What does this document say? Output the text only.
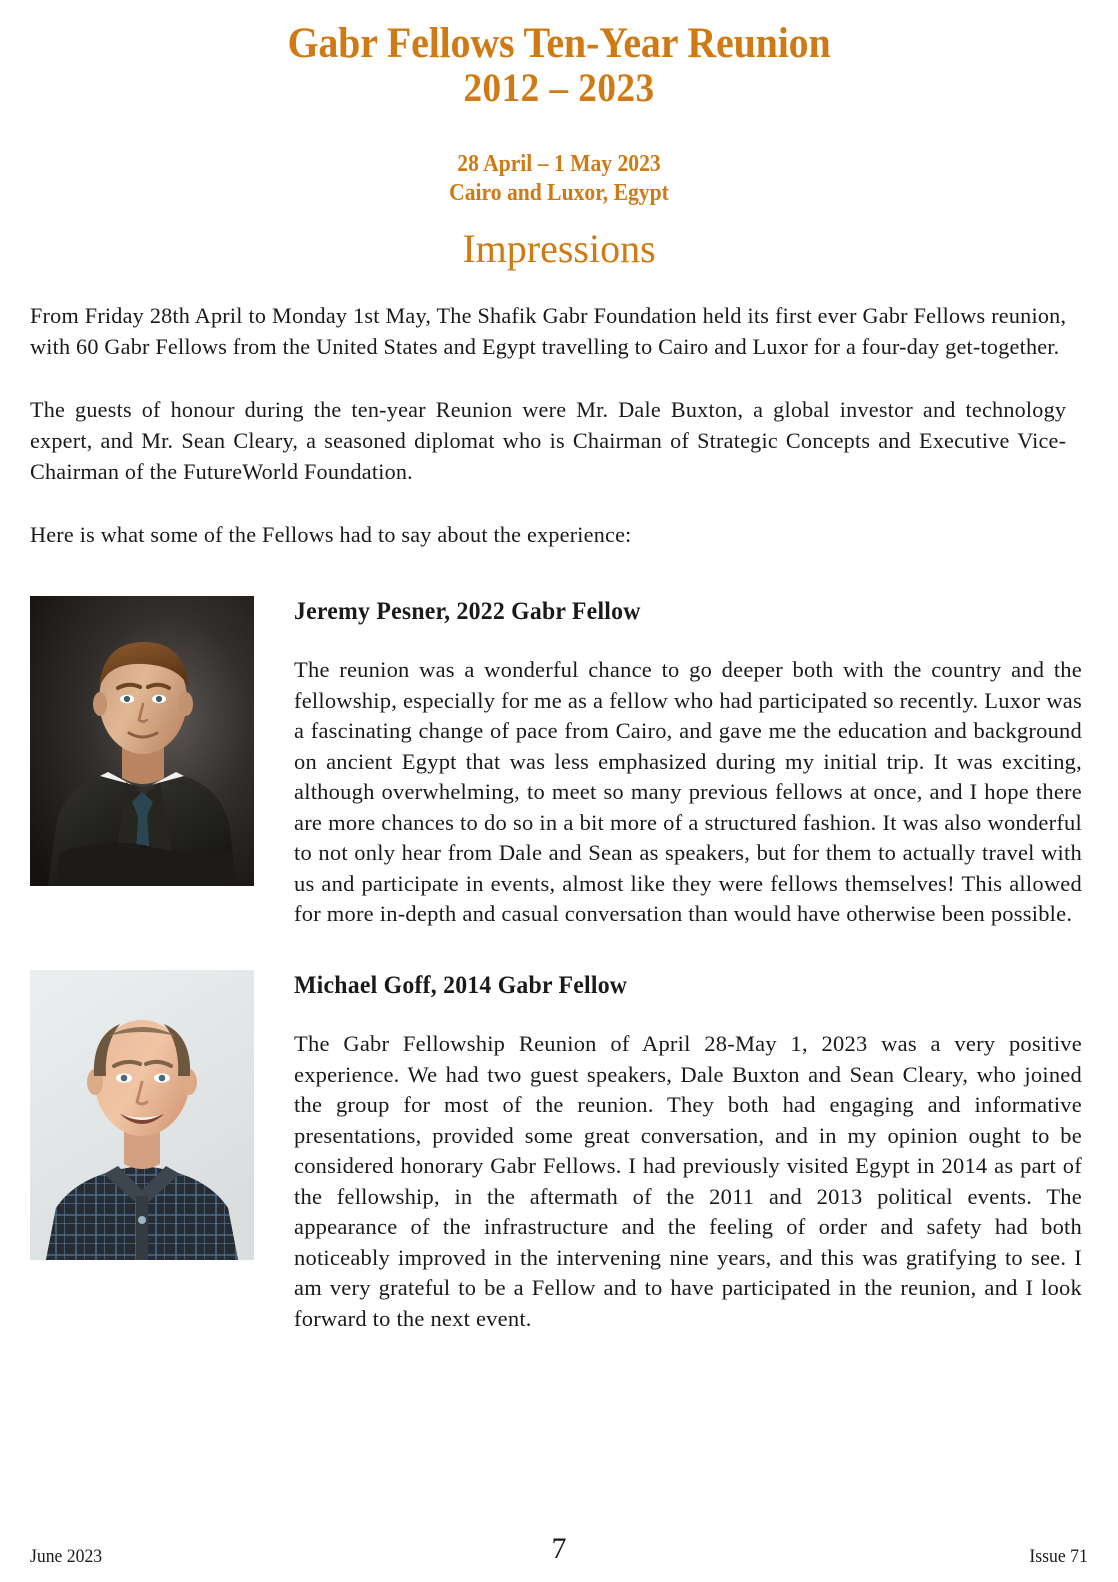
Gabr Fellows Ten-Year Reunion
2012 – 2023
28 April – 1 May 2023
Cairo and Luxor, Egypt
Impressions

From Friday 28th April to Monday 1st May, The Shafik Gabr Foundation held its first ever Gabr Fellows reunion, with 60 Gabr Fellows from the United States and Egypt travelling to Cairo and Luxor for a four-day get-together.

The guests of honour during the ten-year Reunion were Mr. Dale Buxton, a global investor and technology expert, and Mr. Sean Cleary, a seasoned diplomat who is Chairman of Strategic Concepts and Executive Vice-Chairman of the FutureWorld Foundation.

Here is what some of the Fellows had to say about the experience:

Jeremy Pesner, 2022 Gabr Fellow

The reunion was a wonderful chance to go deeper both with the country and the fellowship, especially for me as a fellow who had participated so recently. Luxor was a fascinating change of pace from Cairo, and gave me the education and background on ancient Egypt that was less emphasized during my initial trip. It was exciting, although overwhelming, to meet so many previous fellows at once, and I hope there are more chances to do so in a bit more of a structured fashion. It was also wonderful to not only hear from Dale and Sean as speakers, but for them to actually travel with us and participate in events, almost like they were fellows themselves! This allowed for more in-depth and casual conversation than would have otherwise been possible.

Michael Goff, 2014 Gabr Fellow

The Gabr Fellowship Reunion of April 28-May 1, 2023 was a very positive experience. We had two guest speakers, Dale Buxton and Sean Cleary, who joined the group for most of the reunion. They both had engaging and informative presentations, provided some great conversation, and in my opinion ought to be considered honorary Gabr Fellows. I had previously visited Egypt in 2014 as part of the fellowship, in the aftermath of the 2011 and 2013 political events. The appearance of the infrastructure and the feeling of order and safety had both noticeably improved in the intervening nine years, and this was gratifying to see. I am very grateful to be a Fellow and to have participated in the reunion, and I look forward to the next event.

June 2023	7	Issue 71
